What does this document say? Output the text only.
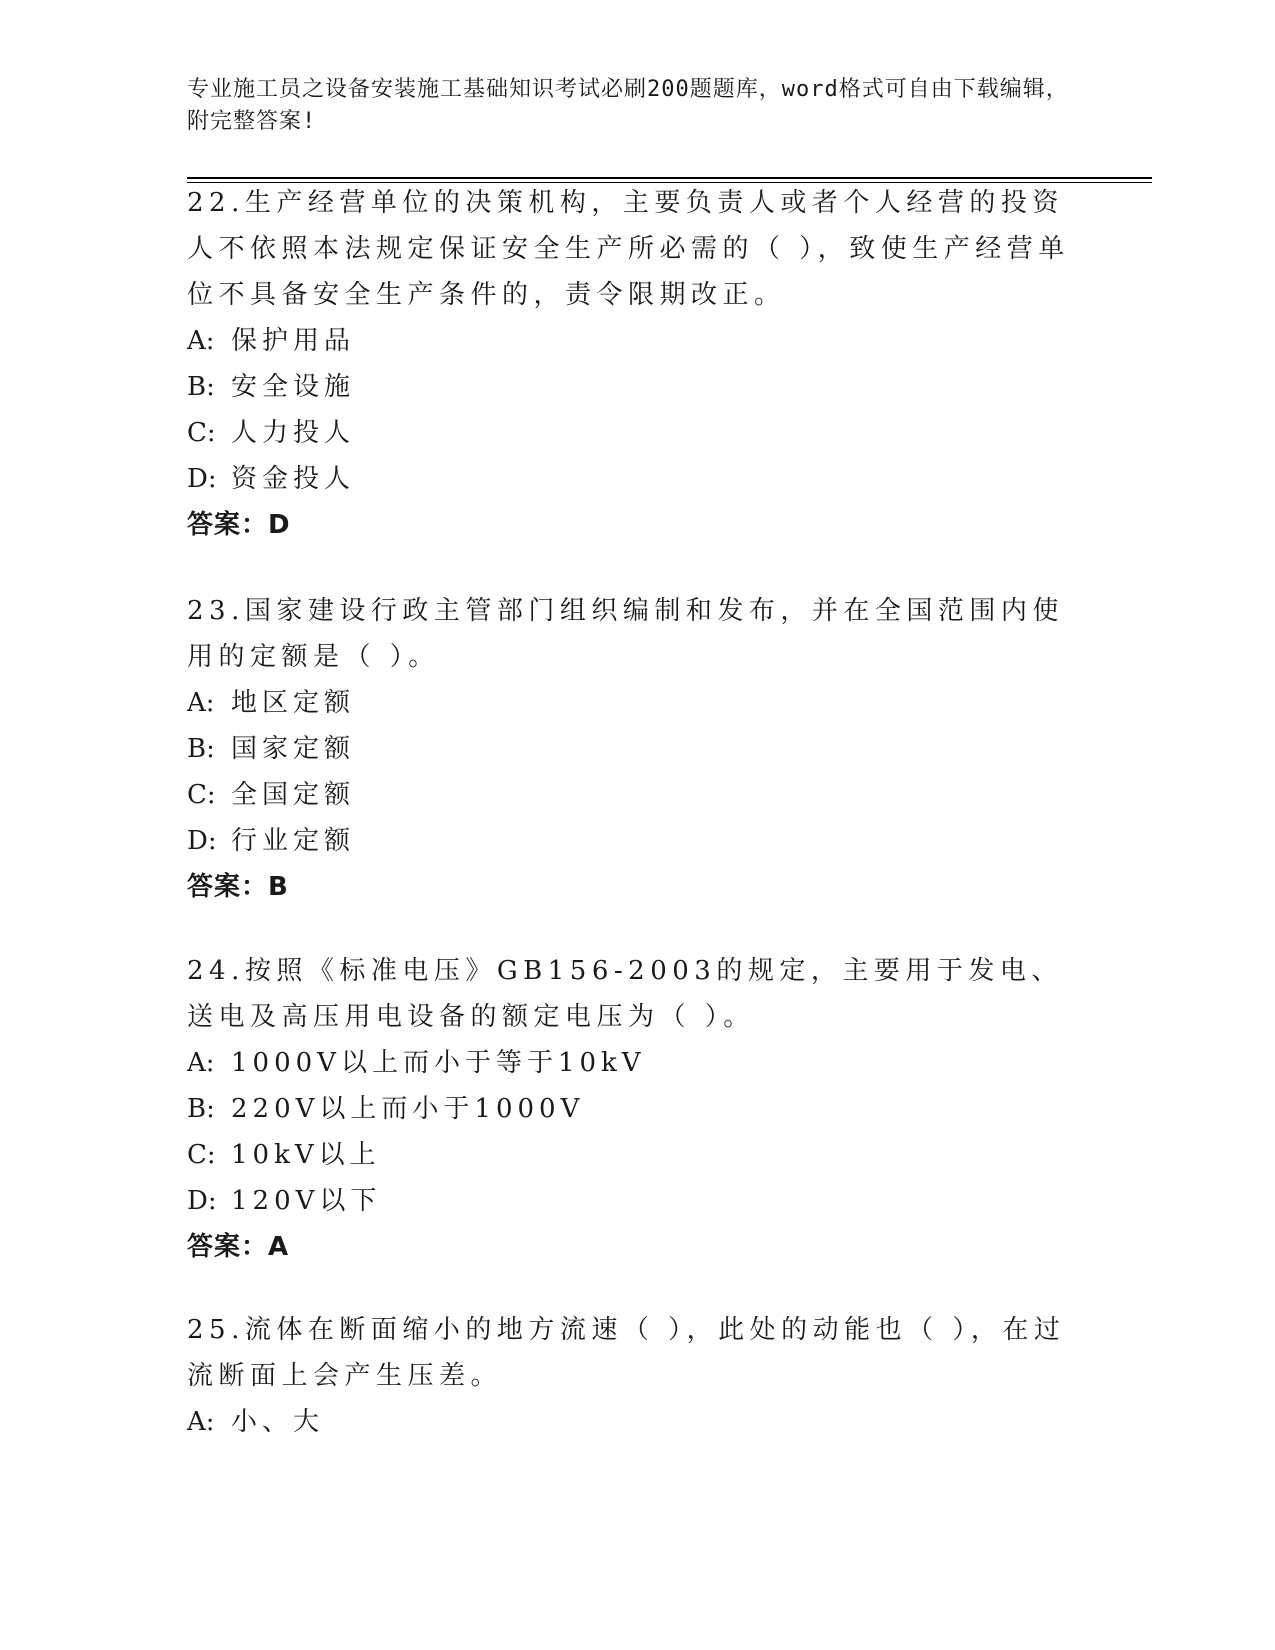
专业施工员之设备安装施工基础知识考试必刷200题题库，word格式可自由下载编辑，附完整答案!

22.生产经营单位的决策机构，主要负责人或者个人经营的投资人不依照本法规定保证安全生产所必需的（ ），致使生产经营单位不具备安全生产条件的，责令限期改正。

A: 保护用品

B: 安全设施

C: 人力投人

D: 资金投人

答案：D

23.国家建设行政主管部门组织编制和发布，并在全国范围内使用的定额是（ ）。

A: 地区定额

B: 国家定额

C: 全国定额

D: 行业定额

答案：B

24.按照《标准电压》GB156-2003的规定，主要用于发电、送电及高压用电设备的额定电压为（ ）。

A: 1000V以上而小于等于10kV

B: 220V以上而小于1000V

C: 10kV以上

D: 120V以下

答案：A

25.流体在断面缩小的地方流速（ ），此处的动能也（ ），在过流断面上会产生压差。

A: 小、大
